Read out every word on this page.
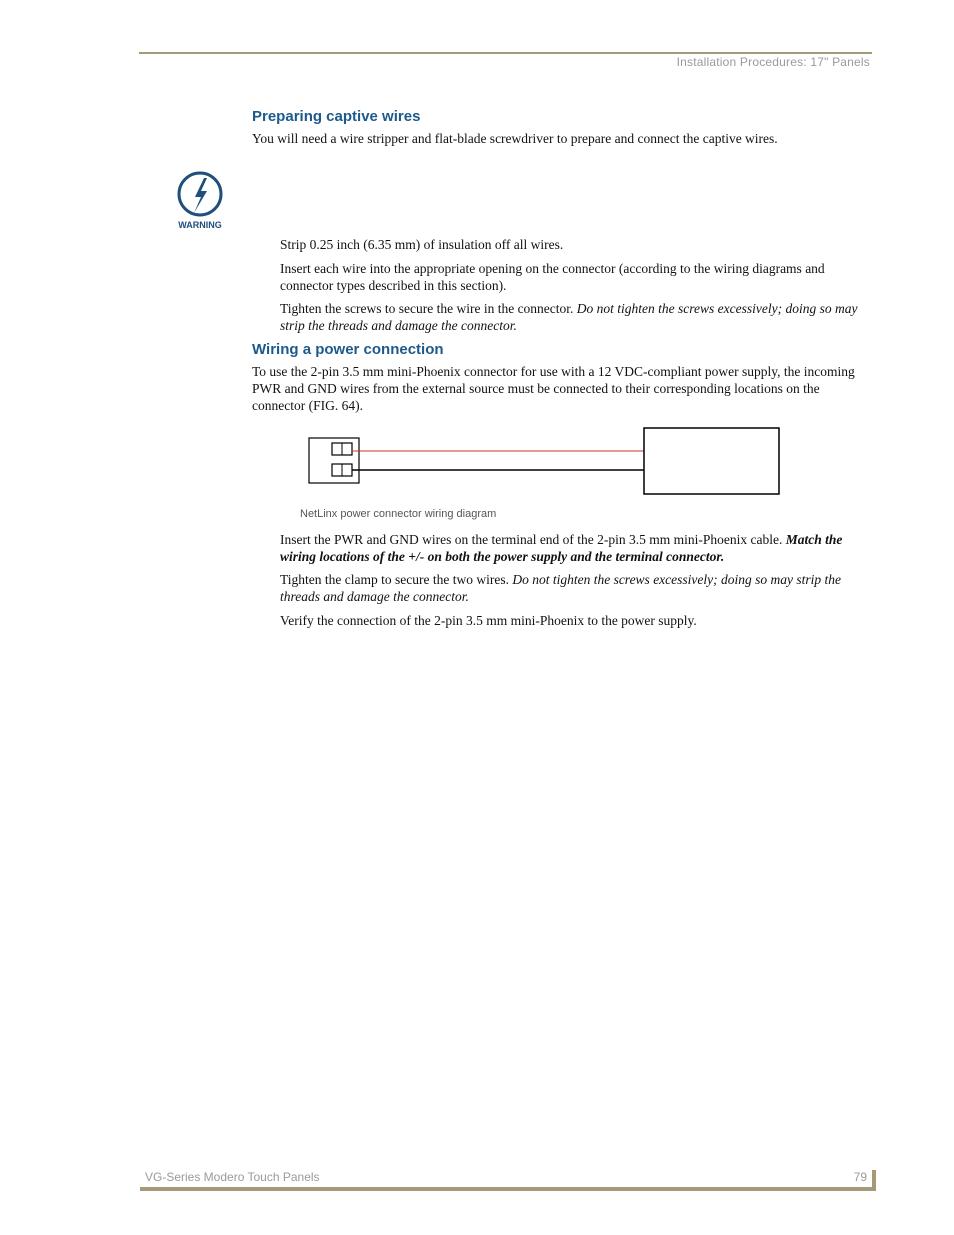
Installation Procedures: 17" Panels
Preparing captive wires
You will need a wire stripper and flat-blade screwdriver to prepare and connect the captive wires.
WARNING
Strip 0.25 inch (6.35 mm) of insulation off all wires.
Insert each wire into the appropriate opening on the connector (according to the wiring diagrams and connector types described in this section).
Tighten the screws to secure the wire in the connector. Do not tighten the screws excessively; doing so may strip the threads and damage the connector.
Wiring a power connection
To use the 2-pin 3.5 mm mini-Phoenix connector for use with a 12 VDC-compliant power supply, the incoming PWR and GND wires from the external source must be connected to their corresponding locations on the connector (FIG. 64).
NetLinx power connector wiring diagram
Insert the PWR and GND wires on the terminal end of the 2-pin 3.5 mm mini-Phoenix cable. Match the wiring locations of the +/- on both the power supply and the terminal connector.
Tighten the clamp to secure the two wires. Do not tighten the screws excessively; doing so may strip the threads and damage the connector.
Verify the connection of the 2-pin 3.5 mm mini-Phoenix to the power supply.
VG-Series Modero Touch Panels	79
